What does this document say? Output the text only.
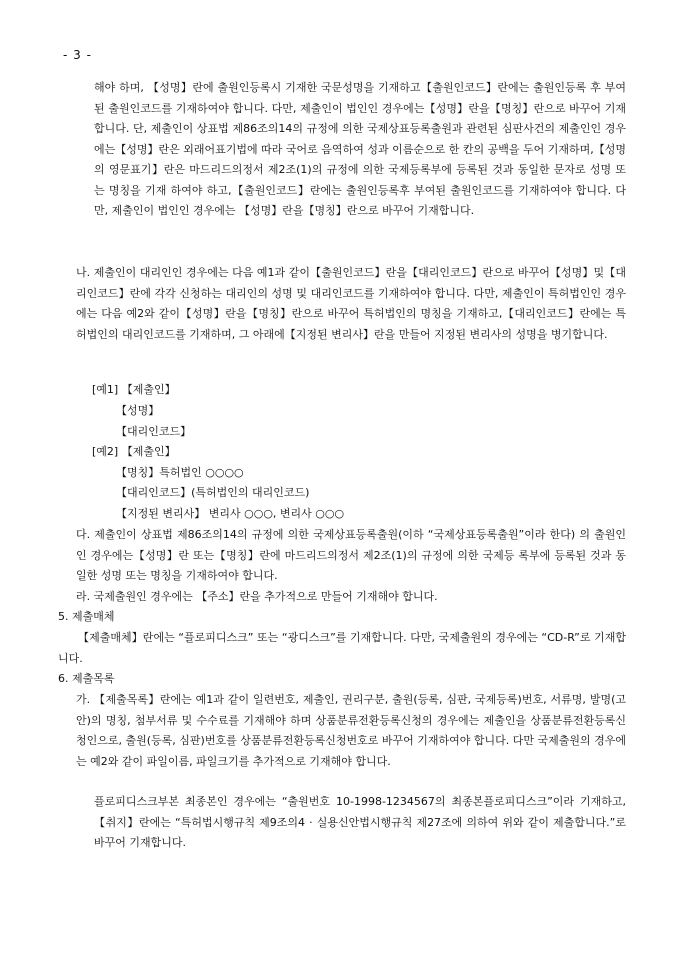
- 3 -

해야 하며, 【성명】란에 출원인등록시 기재한 국문성명을 기재하고【출원인코드】란에는 출원인등록 후 부여된 출원인코드를 기재하여야 합니다. 다만, 제출인이 법인인 경우에는【성명】란을【명칭】란으로 바꾸어 기재합니다. 단, 제출인이 상표법 제86조의14의 규정에 의한 국제상표등록출원과 관련된 심판사건의 제출인인 경우에는【성명】란은 외래어표기법에 따라 국어로 음역하여 성과 이름순으로 한 칸의 공백을 두어 기재하며,【성명의 영문표기】란은 마드리드의정서 제2조(1)의 규정에 의한 국제등록부에 등록된 것과 동일한 문자로 성명 또는 명칭을 기재 하여야 하고,【출원인코드】란에는 출원인등록후 부여된 출원인코드를 기재하여야 합니다. 다만, 제출인이 법인인 경우에는 【성명】란을【명칭】란으로 바꾸어 기재합니다.

나. 제출인이 대리인인 경우에는 다음 예1과 같이【출원인코드】란을【대리인코드】란으로 바꾸어【성명】및【대리인코드】란에 각각 신청하는 대리인의 성명 및 대리인코드를 기재하여야 합니다. 다만, 제출인이 특허법인인 경우에는 다음 예2와 같이【성명】란을【명칭】란으로 바꾸어 특허법인의 명칭을 기재하고,【대리인코드】란에는 특허법인의 대리인코드를 기재하며, 그 아래에【지정된 변리사】란을 만들어 지정된 변리사의 성명을 병기합니다.

[예1] 【제출인】

【성명】

【대리인코드】

[예2] 【제출인】

【명칭】특허법인 ○○○○

【대리인코드】(특허법인의 대리인코드)

【지정된 변리사】 변리사 ○○○, 변리사 ○○○

다. 제출인이 상표법 제86조의14의 규정에 의한 국제상표등록출원(이하 “국제상표등록출원”이라 한다) 의 출원인인 경우에는【성명】란 또는【명칭】란에 마드리드의정서 제2조(1)의 규정에 의한 국제등 록부에 등록된 것과 동일한 성명 또는 명칭을 기재하여야 합니다.

라. 국제출원인 경우에는 【주소】란을 추가적으로 만들어 기재해야 합니다.

5. 제출매체

【제출매체】란에는 “플로피디스크” 또는 “광디스크”를 기재합니다. 다만, 국제출원의 경우에는 “CD-R”로 기재합니다.

6. 제출목록

가. 【제출목록】란에는 예1과 같이 일련번호, 제출인, 권리구분, 출원(등록, 심판, 국제등록)번호, 서류명, 발명(고안)의 명칭, 첨부서류 및 수수료를 기재해야 하며 상품분류전환등록신청의 경우에는 제출인을 상품분류전환등록신청인으로, 출원(등록, 심판)번호를 상품분류전환등록신청번호로 바꾸어 기재하여야 합니다. 다만 국제출원의 경우에는 예2와 같이 파일이름, 파일크기를 추가적으로 기재해야 합니다.

플로피디스크부본 최종본인 경우에는 “출원번호 10-1998-1234567의 최종본플로피디스크”이라 기재하고, 【취지】란에는 “특허법시행규칙 제9조의4 · 실용신안법시행규칙 제27조에 의하여 위와 같이 제출합니다.”로 바꾸어 기재합니다.
